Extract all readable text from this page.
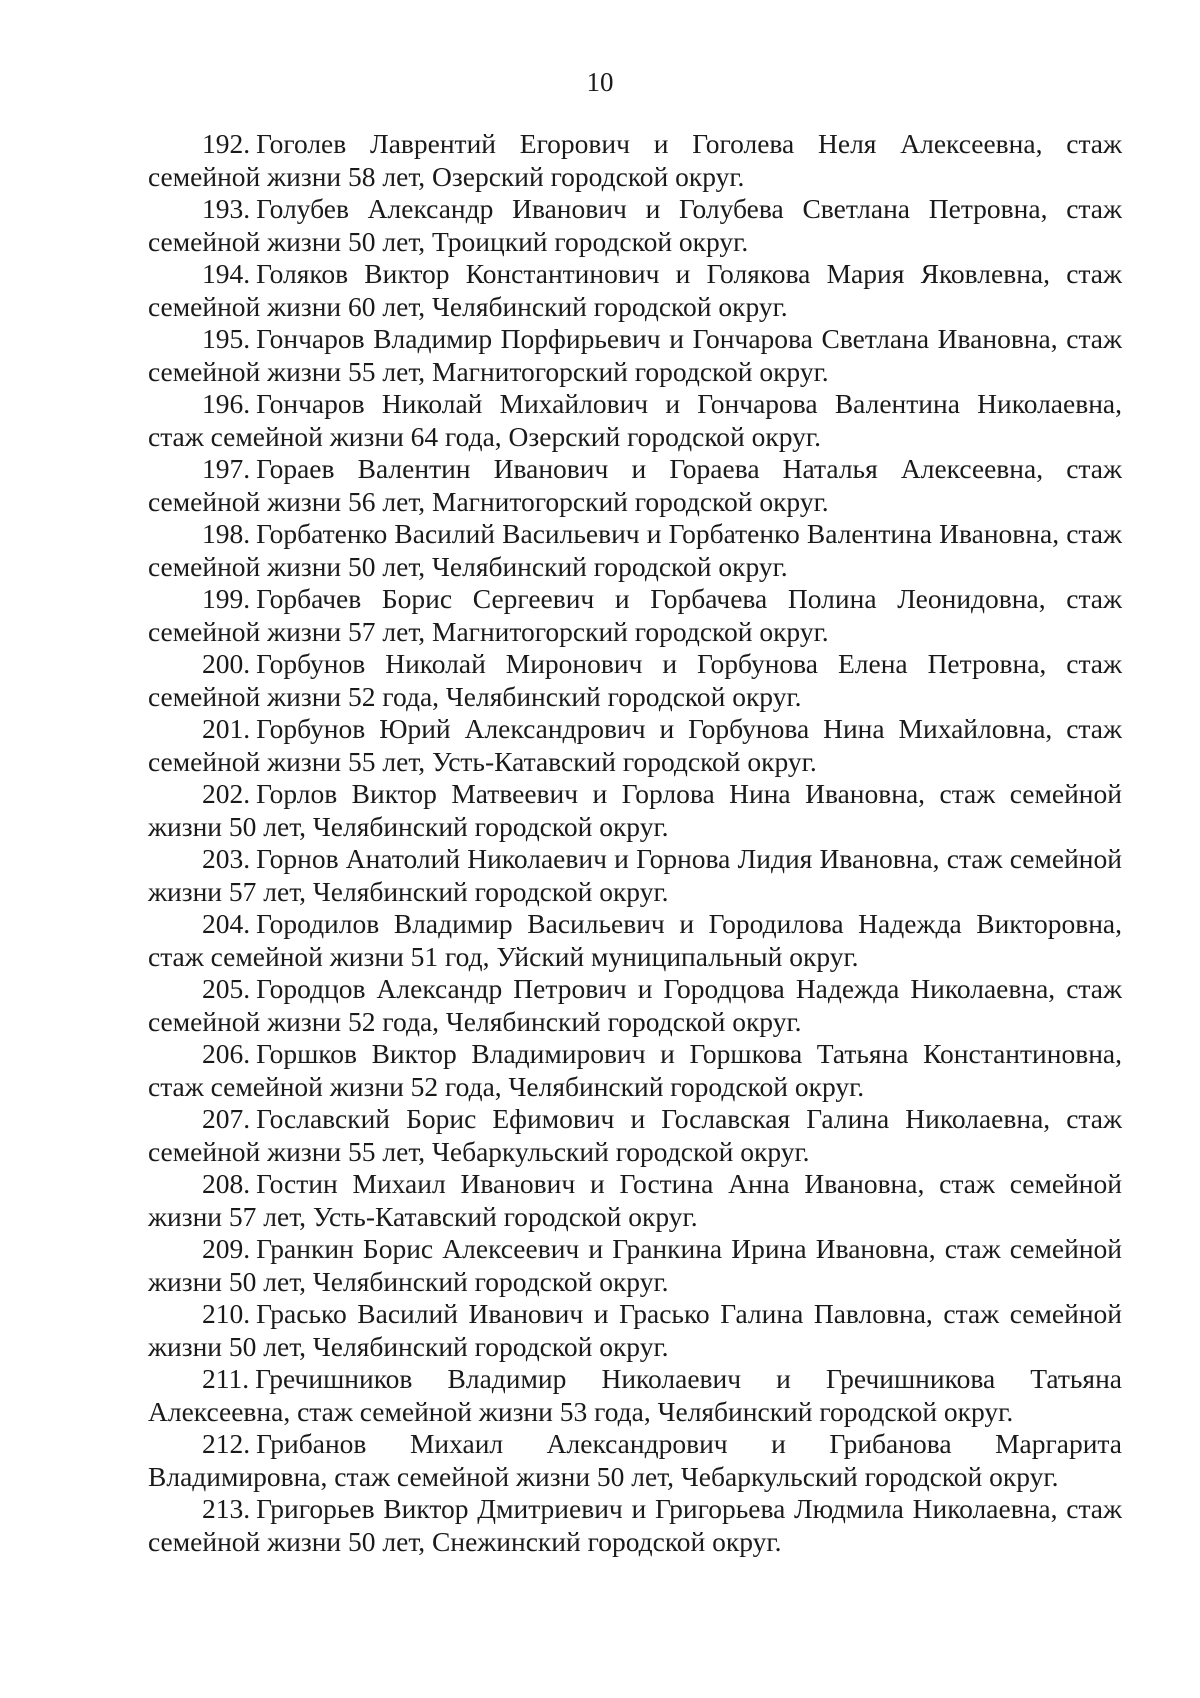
10

192. Гоголев Лаврентий Егорович и Гоголева Неля Алексеевна, стаж семейной жизни 58 лет, Озерский городской округ.

193. Голубев Александр Иванович и Голубева Светлана Петровна, стаж семейной жизни 50 лет, Троицкий городской округ.

194. Голяков Виктор Константинович и Голякова Мария Яковлевна, стаж семейной жизни 60 лет, Челябинский городской округ.

195. Гончаров Владимир Порфирьевич и Гончарова Светлана Ивановна, стаж семейной жизни 55 лет, Магнитогорский городской округ.

196. Гончаров Николай Михайлович и Гончарова Валентина Николаевна, стаж семейной жизни 64 года, Озерский городской округ.

197. Гораев Валентин Иванович и Гораева Наталья Алексеевна, стаж семейной жизни 56 лет, Магнитогорский городской округ.

198. Горбатенко Василий Васильевич и Горбатенко Валентина Ивановна, стаж семейной жизни 50 лет, Челябинский городской округ.

199. Горбачев Борис Сергеевич и Горбачева Полина Леонидовна, стаж семейной жизни 57 лет, Магнитогорский городской округ.

200. Горбунов Николай Миронович и Горбунова Елена Петровна, стаж семейной жизни 52 года, Челябинский городской округ.

201. Горбунов Юрий Александрович и Горбунова Нина Михайловна, стаж семейной жизни 55 лет, Усть-Катавский городской округ.

202. Горлов Виктор Матвеевич и Горлова Нина Ивановна, стаж семейной жизни 50 лет, Челябинский городской округ.

203. Горнов Анатолий Николаевич и Горнова Лидия Ивановна, стаж семейной жизни 57 лет, Челябинский городской округ.

204. Городилов Владимир Васильевич и Городилова Надежда Викторовна, стаж семейной жизни 51 год, Уйский муниципальный округ.

205. Городцов Александр Петрович и Городцова Надежда Николаевна, стаж семейной жизни 52 года, Челябинский городской округ.

206. Горшков Виктор Владимирович и Горшкова Татьяна Константиновна, стаж семейной жизни 52 года, Челябинский городской округ.

207. Гославский Борис Ефимович и Гославская Галина Николаевна, стаж семейной жизни 55 лет, Чебаркульский городской округ.

208. Гостин Михаил Иванович и Гостина Анна Ивановна, стаж семейной жизни 57 лет, Усть-Катавский городской округ.

209. Гранкин Борис Алексеевич и Гранкина Ирина Ивановна, стаж семейной жизни 50 лет, Челябинский городской округ.

210. Грасько Василий Иванович и Грасько Галина Павловна, стаж семейной жизни 50 лет, Челябинский городской округ.

211. Гречишников Владимир Николаевич и Гречишникова Татьяна Алексеевна, стаж семейной жизни 53 года, Челябинский городской округ.

212. Грибанов Михаил Александрович и Грибанова Маргарита Владимировна, стаж семейной жизни 50 лет, Чебаркульский городской округ.

213. Григорьев Виктор Дмитриевич и Григорьева Людмила Николаевна, стаж семейной жизни 50 лет, Снежинский городской округ.
